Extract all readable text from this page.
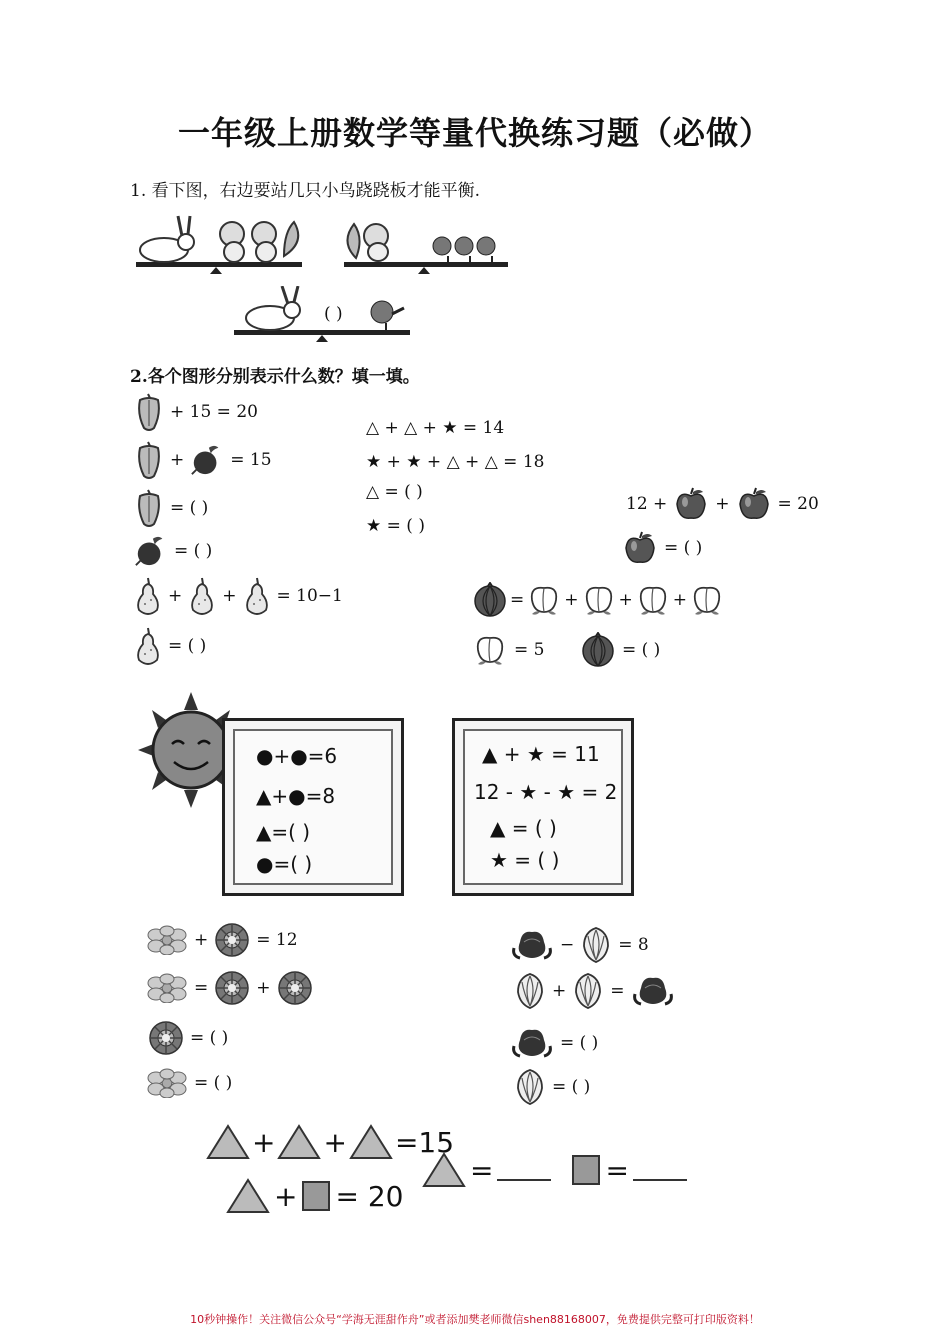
一年级上册数学等量代换练习题（必做）
1. 看下图，右边要站几只小鸟跷跷板才能平衡.
( )
2.各个图形分别表示什么数？填一填。
+ 15 = 20
+	= 15
= ( )
= ( )
△ + △ + ★ = 14
★ + ★ + △ + △ = 18
△ = ( )
★ = ( )
12 +	+	= 20
= ( )
+ + = 10−1
= ( )
= + + +
= 5	= ( )
●+●=6
▲+●=8
▲=( )
●=( )
▲ + ★ = 11
12 - ★ - ★ = 2
▲ = ( )
★ = ( )
+	= 12
=	+
= ( )
= ( )
−	= 8
+	=
= ( )
= ( )
+ + =15
+ = 20
=	=
10秒钟操作！关注微信公众号“学海无涯甜作舟”或者添加樊老师微信shen88168007，免费提供完整可打印版资料！
